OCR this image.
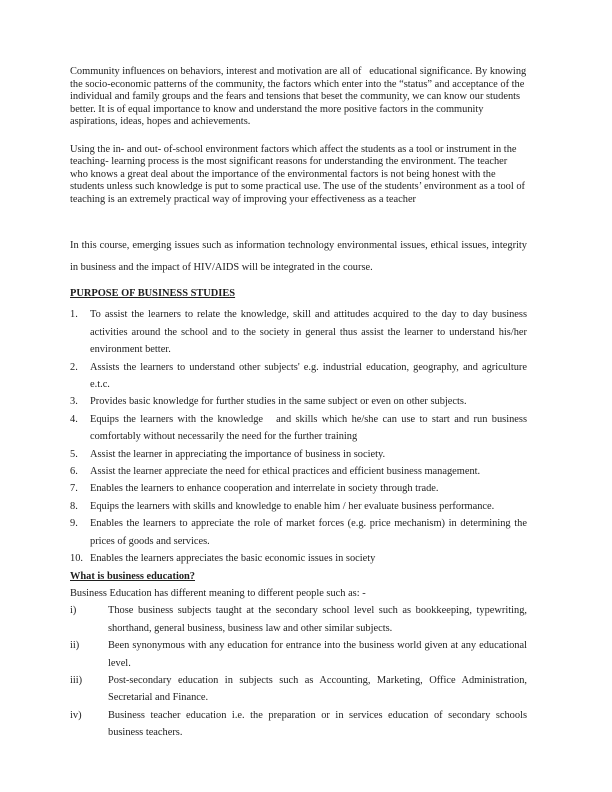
Community influences on behaviors, interest and motivation are all of   educational significance. By knowing the socio-economic patterns of the community, the factors which enter into the “status” and acceptance of the individual and family groups and the fears and tensions that beset the community, we can know our students better. It is of equal importance to know and understand the more positive factors in the community aspirations, ideas, hopes and achievements.

Using the in- and out- of-school environment factors which affect the students as a tool or instrument in the teaching- learning process is the most significant reasons for understanding the environment. The teacher who knows a great deal about the importance of the environmental factors is not being honest with the students unless such knowledge is put to some practical use. The use of the students’ environment as a tool of teaching is an extremely practical way of improving your effectiveness as a teacher

In this course, emerging issues such as information technology environmental issues, ethical issues, integrity in business and the impact of HIV/AIDS will be integrated in the course.

PURPOSE OF BUSINESS STUDIES
1. To assist the learners to relate the knowledge, skill and attitudes acquired to the day to day business activities around the school and to the society in general thus assist the learner to understand his/her environment better.
2. Assists the learners to understand other subjects' e.g. industrial education, geography, and agriculture e.t.c.
3. Provides basic knowledge for further studies in the same subject or even on other subjects.
4. Equips the learners with the knowledge   and skills which he/she can use to start and run business comfortably without necessarily the need for the further training
5. Assist the learner in appreciating the importance of business in society.
6. Assist the learner appreciate the need for ethical practices and efficient business management.
7. Enables the learners to enhance cooperation and interrelate in society through trade.
8. Equips the learners with skills and knowledge to enable him / her evaluate business performance.
9. Enables the learners to appreciate the role of market forces (e.g. price mechanism) in determining the prices of goods and services.
10. Enables the learners appreciates the basic economic issues in society
What is business education?

Business Education has different meaning to different people such as: -

i)	Those business subjects taught at the secondary school level such as bookkeeping, typewriting, shorthand, general business, business law and other similar subjects.
ii)	Been synonymous with any education for entrance into the business world given at any educational level.
iii) Post-secondary education in subjects such as Accounting, Marketing, Office Administration, Secretarial and Finance.
iv)	Business teacher education i.e. the preparation or in services education of secondary schools business teachers.
